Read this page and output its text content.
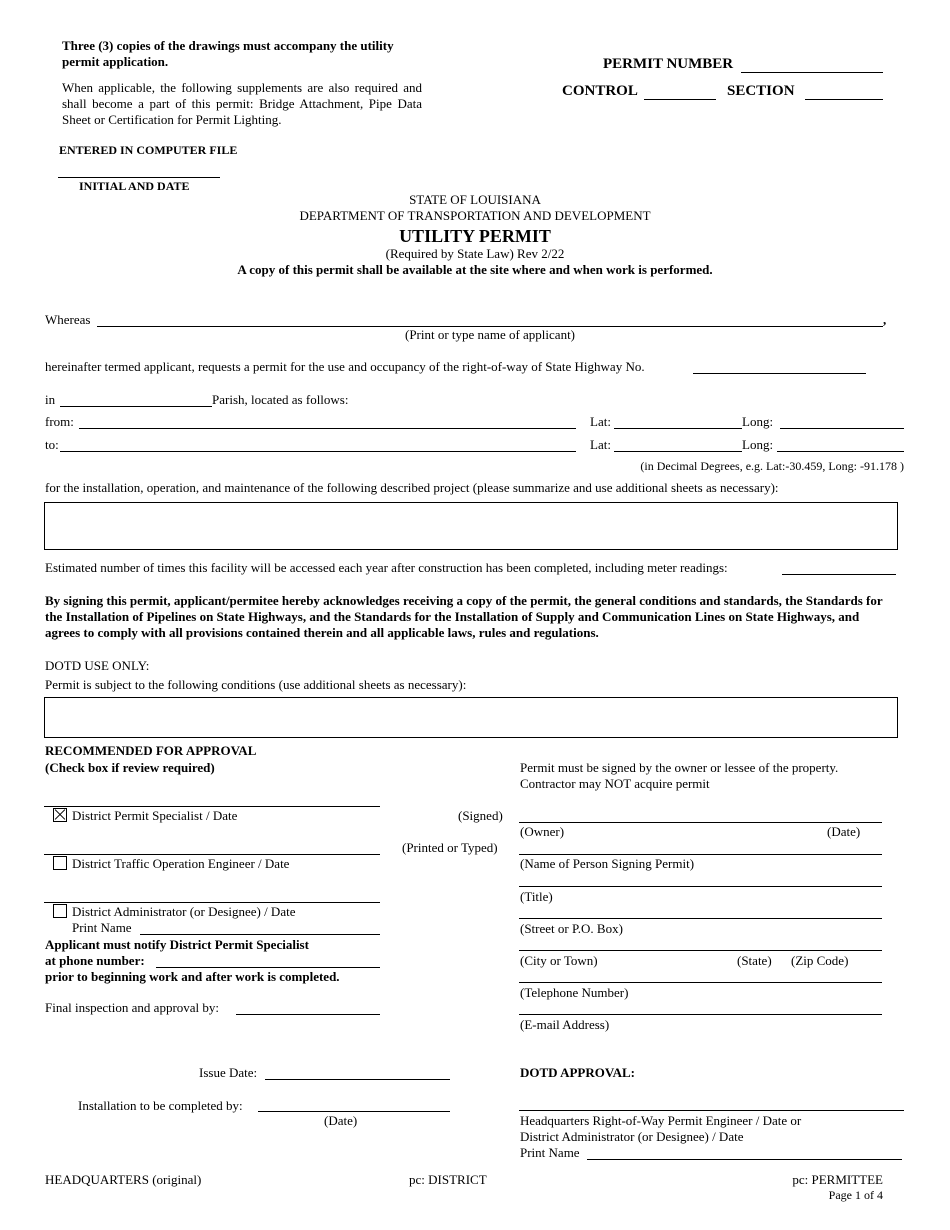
Three (3) copies of the drawings must accompany the utility permit application.
When applicable, the following supplements are also required and shall become a part of this permit: Bridge Attachment, Pipe Data Sheet or Certification for Permit Lighting.
ENTERED IN COMPUTER FILE
INITIAL AND DATE
PERMIT NUMBER
CONTROL	SECTION
STATE OF LOUISIANA
DEPARTMENT OF TRANSPORTATION AND DEVELOPMENT
UTILITY PERMIT
(Required by State Law) Rev 2/22
A copy of this permit shall be available at the site where and when work is performed.
Whereas	,
(Print or type name of applicant)
hereinafter termed applicant, requests a permit for the use and occupancy of the right-of-way of State Highway No.
in	Parish, located as follows:
from:	Lat:	Long:
to:	Lat:	Long:
(in Decimal Degrees, e.g. Lat:-30.459, Long: -91.178 )
for the installation, operation, and maintenance of the following described project (please summarize and use additional sheets as necessary):
Estimated number of times this facility will be accessed each year after construction has been completed, including meter readings:
By signing this permit, applicant/permitee hereby acknowledges receiving a copy of the permit, the general conditions and standards, the Standards for the Installation of Pipelines on State Highways, and the Standards for the Installation of Supply and Communication Lines on State Highways, and agrees to comply with all provisions contained therein and all applicable laws, rules and regulations.
DOTD USE ONLY:
Permit is subject to the following conditions (use additional sheets as necessary):
RECOMMENDED FOR APPROVAL
(Check box if review required)
District Permit Specialist / Date	(Signed)
(Printed or Typed)
District Traffic Operation Engineer / Date
District Administrator (or Designee) / Date
Print Name
Applicant must notify District Permit Specialist
at phone number:
prior to beginning work and after work is completed.
Final inspection and approval by:
Issue Date:
Installation to be completed by:
(Date)
Permit must be signed by the owner or lessee of the property.
Contractor may NOT acquire permit
(Owner)	(Date)
(Name of Person Signing Permit)
(Title)
(Street or P.O. Box)
(City or Town)	(State) (Zip Code)
(Telephone Number)
(E-mail Address)
DOTD APPROVAL:
Headquarters Right-of-Way Permit Engineer / Date or
District Administrator (or Designee) / Date
Print Name
HEADQUARTERS (original)	pc: DISTRICT	pc: PERMITTEE
Page 1 of 4
